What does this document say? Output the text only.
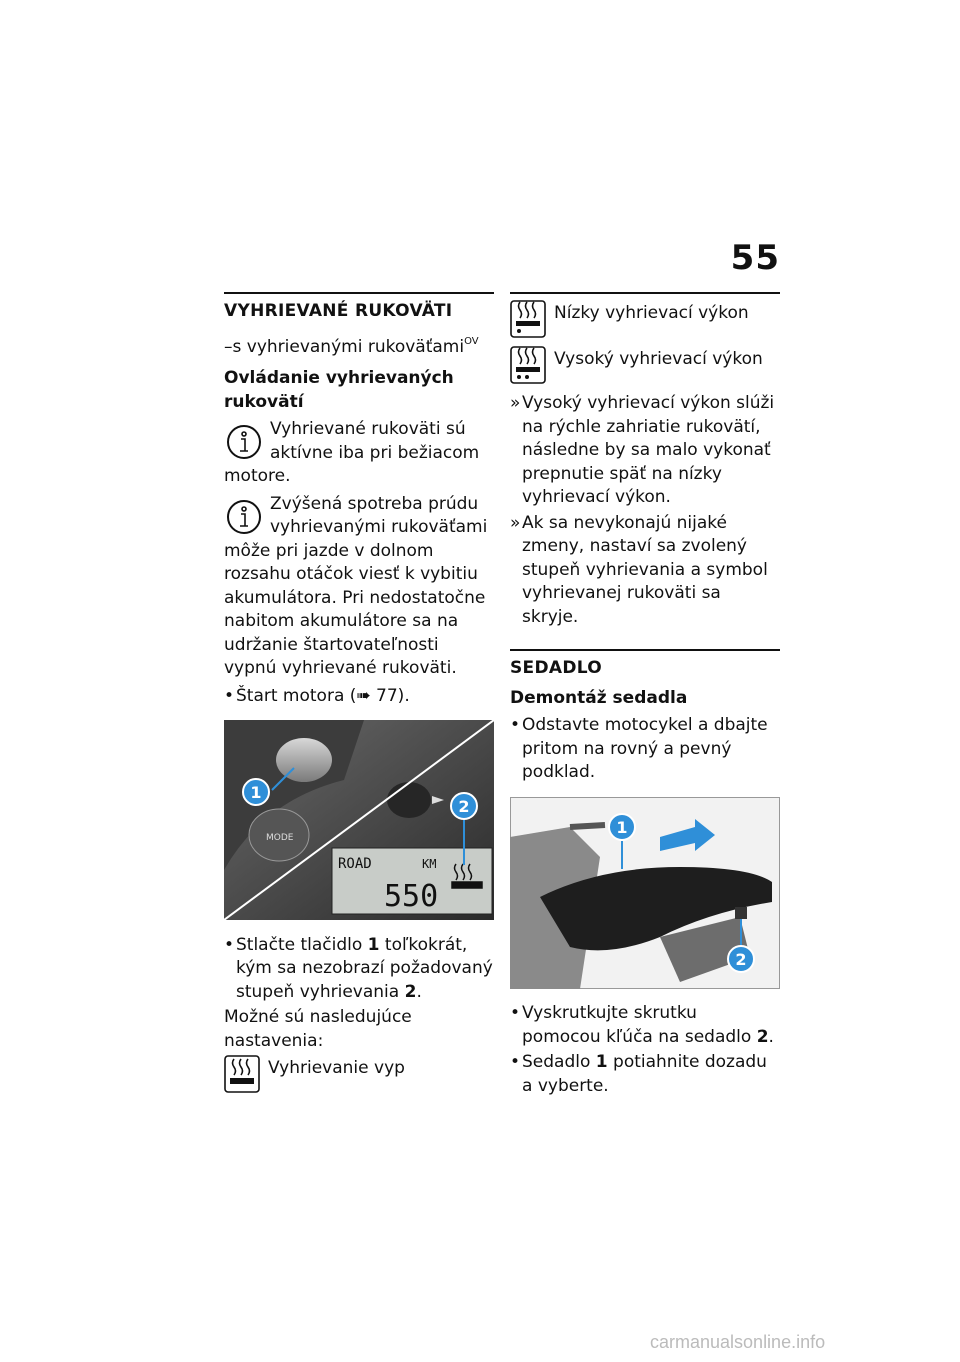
55
VYHRIEVANÉ RUKOVÄTI
–s vyhrievanými rukoväťami$^{OV}$
Ovládanie vyhrievaných rukovätí
Vyhrievané rukoväti sú aktívne iba pri bežiacom motore.
Zvýšená spotreba prúdu vyhrievanými rukoväťami môže pri jazde v dolnom rozsahu otáčok viesť k vybitiu akumulátora. Pri nedostatočne nabitom akumulátore sa na udržanie štartovateľnosti vypnú vyhrievané rukoväti.
• Štart motora (➠ 77).
MODE
ROAD	KM
550
1
2
• Stlačte tlačidlo 1 toľkokrát, kým sa nezobrazí požadovaný stupeň vyhrievania 2.
Možné sú nasledujúce nastavenia:
Vyhrievanie vyp
Nízky vyhrievací výkon
Vysoký vyhrievací výkon
» Vysoký vyhrievací výkon slúži na rýchle zahriatie rukovätí, následne by sa malo vykonať prepnutie späť na nízky vyhrievací výkon.
» Ak sa nevykonajú nijaké zmeny, nastaví sa zvolený stupeň vyhrievania a symbol vyhrievanej rukoväti sa skryje.
SEDADLO
Demontáž sedadla
• Odstavte motocykel a dbajte pritom na rovný a pevný podklad.
1
2
• Vyskrutkujte skrutku pomocou kľúča na sedadlo 2.
• Sedadlo 1 potiahnite dozadu a vyberte.
carmanualsonline.info
